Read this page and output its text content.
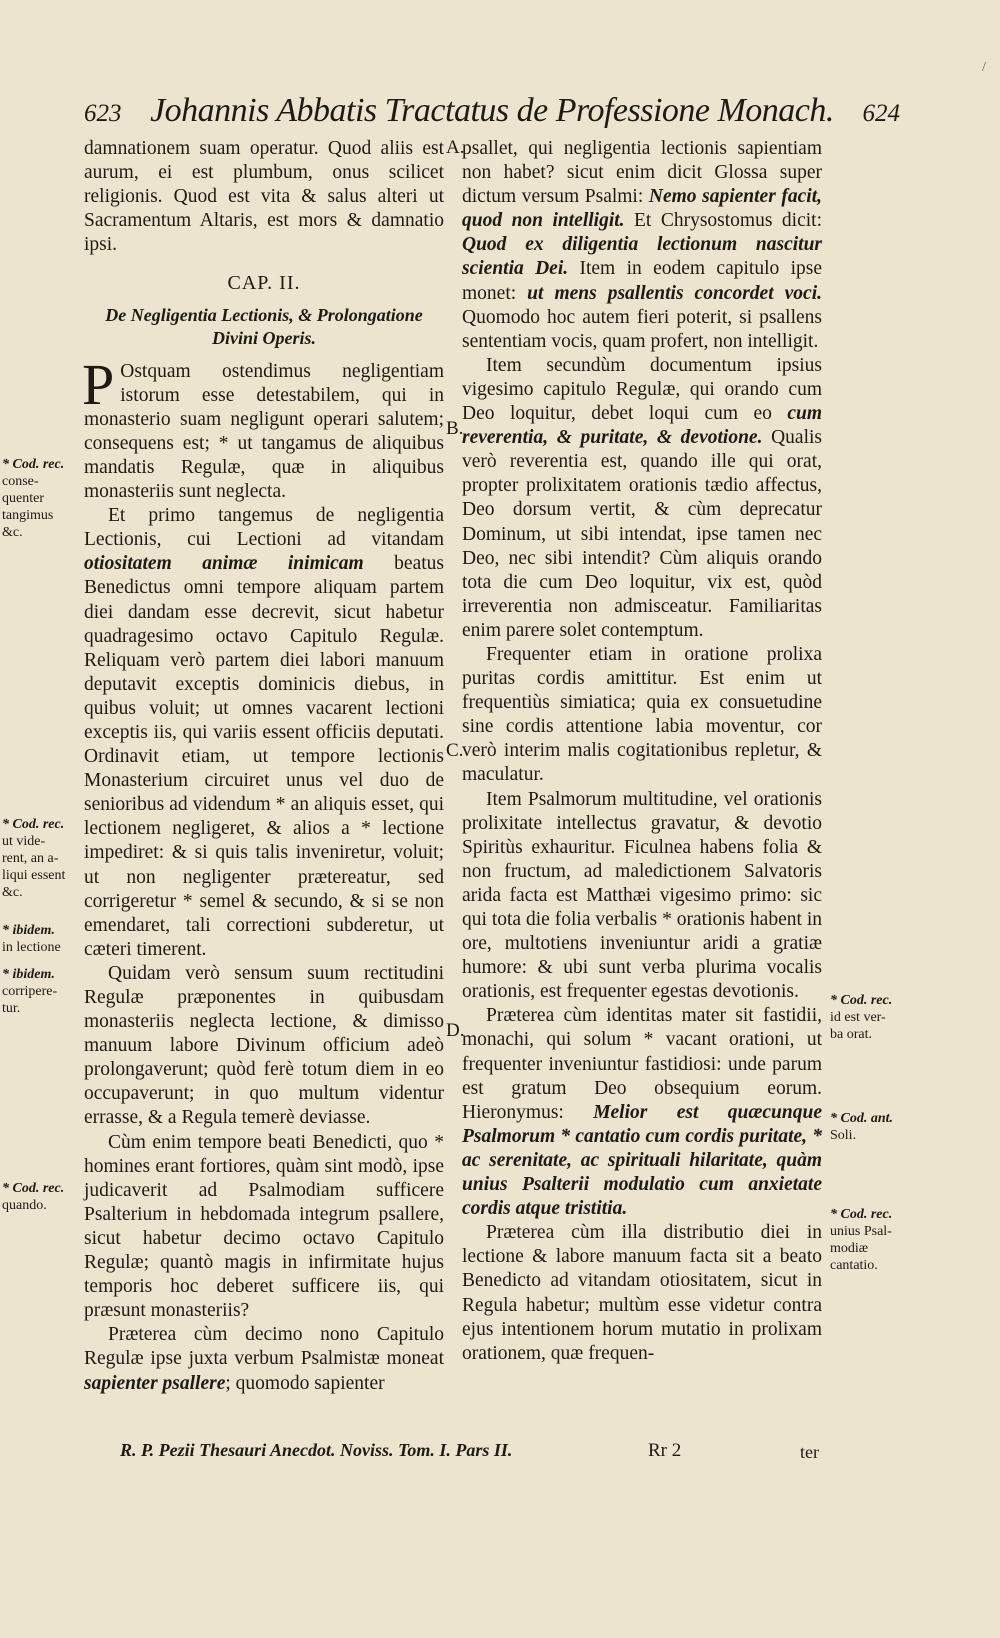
/
623 Johannis Abbatis Tractatus de Professione Monach. 624

damnationem suam operatur. Quod aliis est aurum, ei est plumbum, onus scilicet religionis. Quod est vita & salus alteri ut Sacramentum Altaris, est mors & damnatio ipsi.

CAP. II.

De Negligentia Lectionis, & Prolongatione Divini Operis.

P Ostquam ostendimus negligentiam istorum esse detestabilem, qui in monasterio suam negligunt operari salutem; consequens est; * ut tangamus de aliquibus mandatis Regulæ, quæ in aliquibus monasteriis sunt neglecta.

Et primo tangemus de negligentia Lectionis, cui Lectioni ad vitandam otiositatem animæ inimicam beatus Benedictus omni tempore aliquam partem diei dandam esse decrevit, sicut habetur quadragesimo octavo Capitulo Regulæ. Reliquam verò partem diei labori manuum deputavit exceptis dominicis diebus, in quibus voluit; ut omnes vacarent lectioni exceptis iis, qui variis essent officiis deputati. Ordinavit etiam, ut tempore lectionis Monasterium circuiret unus vel duo de senioribus ad videndum * an aliquis esset, qui lectionem negligeret, & alios a * lectione impediret: & si quis talis inveniretur, voluit; ut non negligenter prætereatur, sed corrigeretur * semel & secundo, & si se non emendaret, tali correctioni subderetur, ut cæteri timerent.

Quidam verò sensum suum rectitudini Regulæ præponentes in quibusdam monasteriis neglecta lectione, & dimisso manuum labore Divinum officium adeò prolongaverunt; quòd ferè totum diem in eo occupaverunt; in quo multum videntur errasse, & a Regula temerè deviasse.

Cùm enim tempore beati Benedicti, quo * homines erant fortiores, quàm sint modò, ipse judicaverit ad Psalmodiam sufficere Psalterium in hebdomada integrum psallere, sicut habetur decimo octavo Capitulo Regulæ; quantò magis in infirmitate hujus temporis hoc deberet sufficere iis, qui præsunt monasteriis?

Præterea cùm decimo nono Capitulo Regulæ ipse juxta verbum Psalmistæ moneat sapienter psallere; quomodo sapienter

psallet, qui negligentia lectionis sapientiam non habet? sicut enim dicit Glossa super dictum versum Psalmi: Nemo sapienter facit, quod non intelligit. Et Chrysostomus dicit: Quod ex diligentia lectionum nascitur scientia Dei. Item in eodem capitulo ipse monet: ut mens psallentis concordet voci. Quomodo hoc autem fieri poterit, si psallens sententiam vocis, quam profert, non intelligit.

Item secundùm documentum ipsius vigesimo capitulo Regulæ, qui orando cum Deo loquitur, debet loqui cum eo cum reverentia, & puritate, & devotione. Qualis verò reverentia est, quando ille qui orat, propter prolixitatem orationis tædio affectus, Deo dorsum vertit, & cùm deprecatur Dominum, ut sibi intendat, ipse tamen nec Deo, nec sibi intendit? Cùm aliquis orando tota die cum Deo loquitur, vix est, quòd irreverentia non admisceatur. Familiaritas enim parere solet contemptum.

Frequenter etiam in oratione prolixa puritas cordis amittitur. Est enim ut frequentiùs simiatica; quia ex consuetudine sine cordis attentione labia moventur, cor verò interim malis cogitationibus repletur, & maculatur.

Item Psalmorum multitudine, vel orationis prolixitate intellectus gravatur, & devotio Spiritùs exhauritur. Ficulnea habens folia & non fructum, ad maledictionem Salvatoris arida facta est Matthæi vigesimo primo: sic qui tota die folia verbalis * orationis habent in ore, multotiens inveniuntur aridi a gratiæ humore: & ubi sunt verba plurima vocalis orationis, est frequenter egestas devotionis.

Præterea cùm identitas mater sit fastidii, monachi, qui solum * vacant orationi, ut frequenter inveniuntur fastidiosi: unde parum est gratum Deo obsequium eorum. Hieronymus: Melior est quæcunque Psalmorum * cantatio cum cordis puritate, * ac serenitate, ac spirituali hilaritate, quàm unius Psalterii modulatio cum anxietate cordis atque tristitia.

Præterea cùm illa distributio diei in lectione & labore manuum facta sit a beato Benedicto ad vitandam otiositatem, sicut in Regula habetur; multùm esse videtur contra ejus intentionem horum mutatio in prolixam orationem, quæ frequen-

A.
B.
C.
D.
* Cod. rec.
conse-
quenter
tangimus
&c.
* Cod. rec.
ut vide-
rent, an a-
liqui essent
&c.
* ibidem.
in lectione
* ibidem.
corripere-
tur.
* Cod. rec.
quando.
* Cod. rec.
id est ver-
ba orat.
* Cod. ant.
Soli.
* Cod. rec.
unius Psal-
modiæ
cantatio.
R. P. Pezii Thesauri Anecdot. Noviss. Tom. I. Pars II.	Rr 2	ter
